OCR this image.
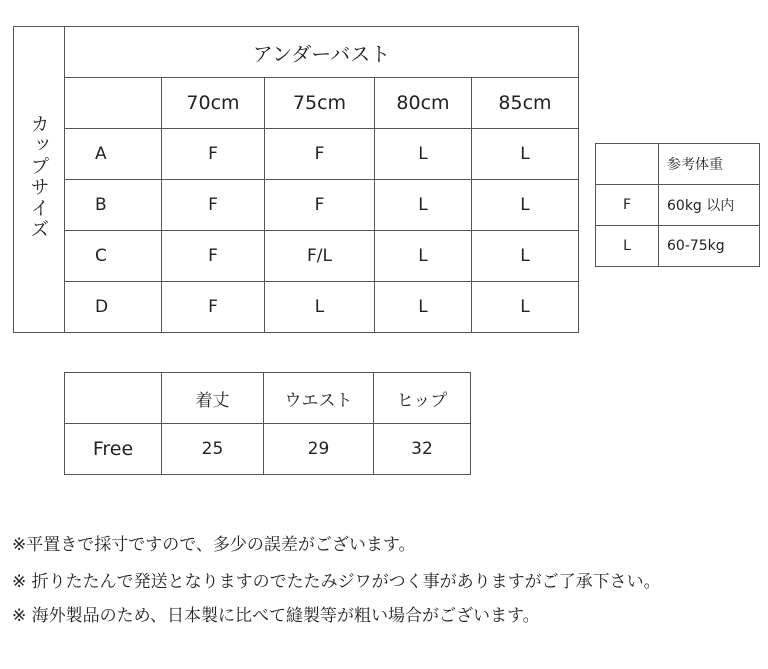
カップサイズ	アンダーバスト				
		70cm	75cm	80cm	85cm
	A	F	F	L	L
	B	F	F	L	L
	C	F	F/L	L	L
	D	F	L	L	L
	参考体重
F	60kg 以内
L	60-75kg
	着丈	ウエスト	ヒップ
Free	25	29	32
※平置きで採寸ですので、多少の誤差がございます。
※ 折りたたんで発送となりますのでたたみジワがつく事がありますがご了承下さい。
※ 海外製品のため、日本製に比べて縫製等が粗い場合がございます。
